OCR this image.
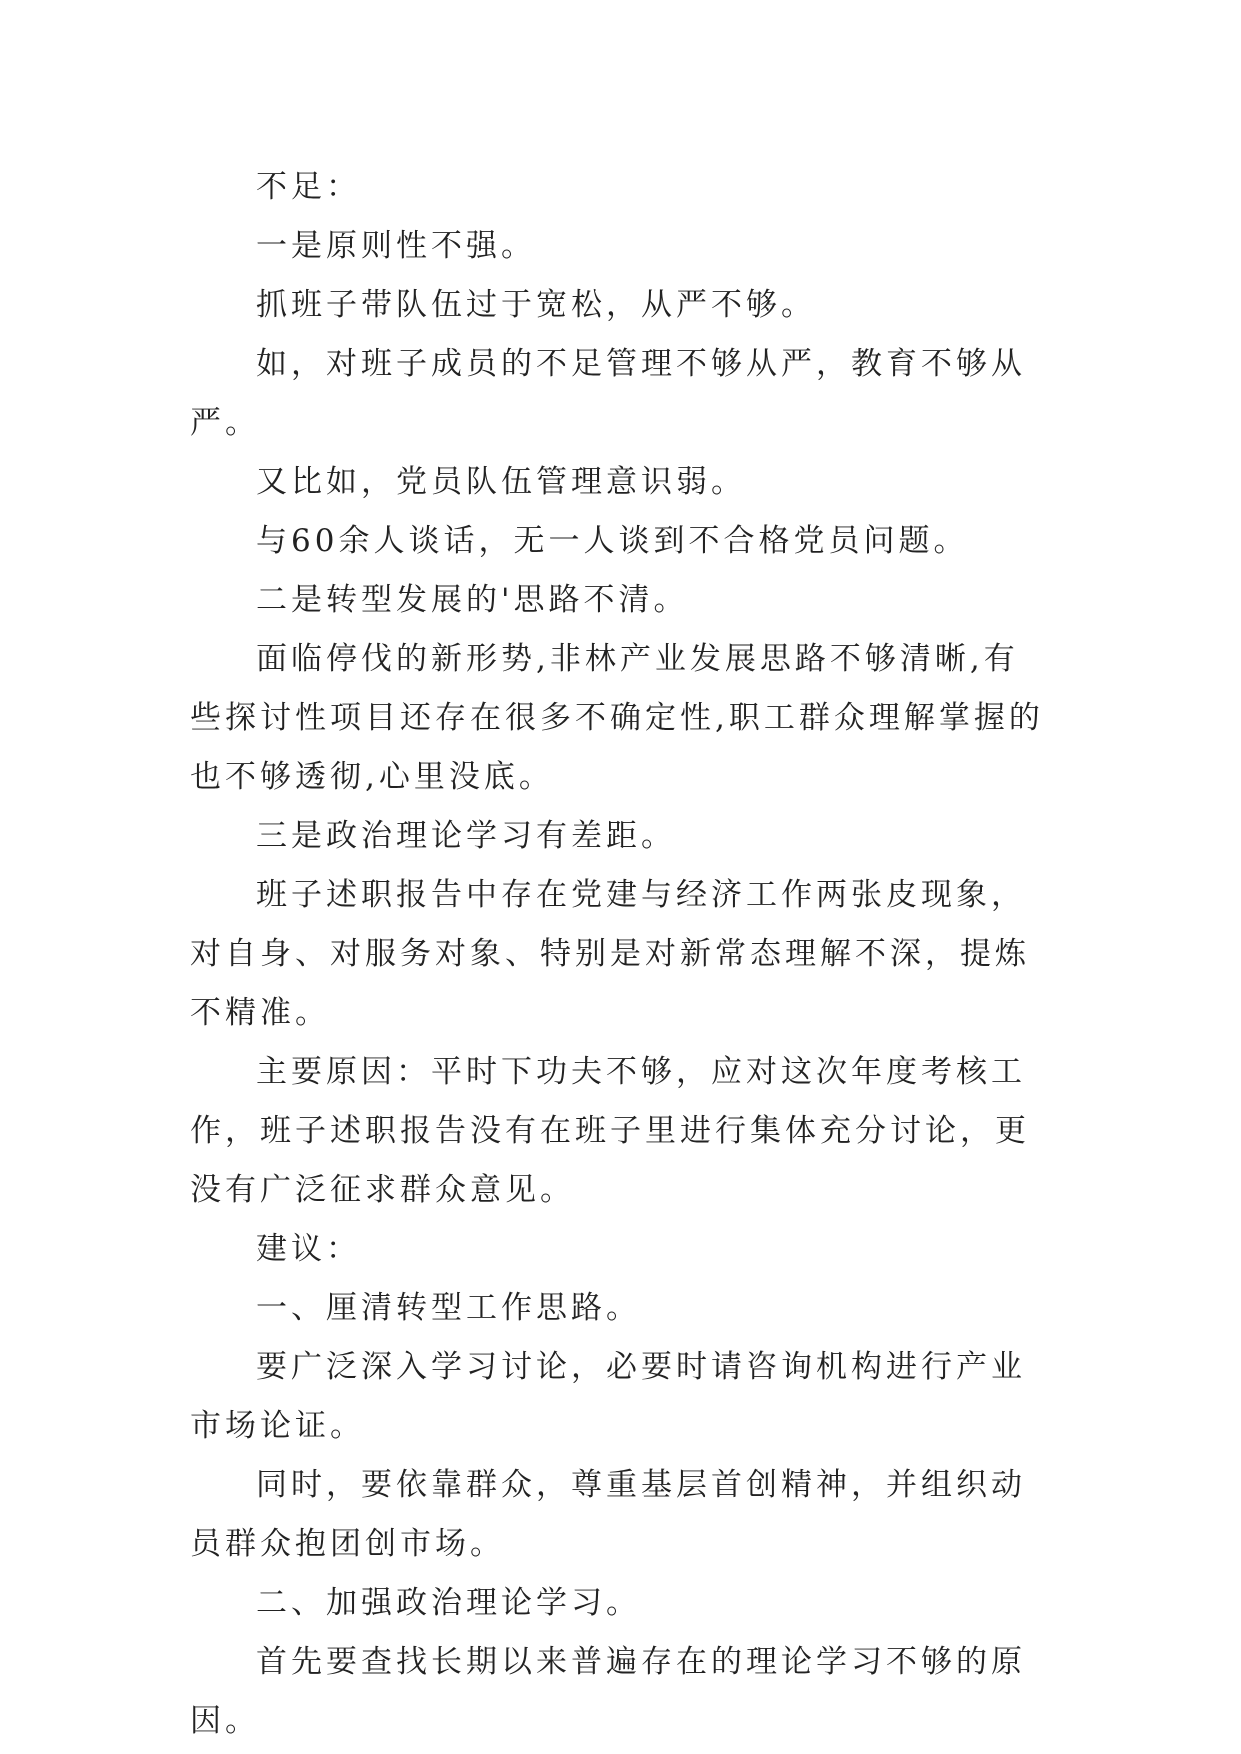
不足：

一是原则性不强。

抓班子带队伍过于宽松，从严不够。

如，对班子成员的不足管理不够从严，教育不够从严。

又比如，党员队伍管理意识弱。

与60余人谈话，无一人谈到不合格党员问题。

二是转型发展的'思路不清。

面临停伐的新形势,非林产业发展思路不够清晰,有些探讨性项目还存在很多不确定性,职工群众理解掌握的也不够透彻,心里没底。

三是政治理论学习有差距。

班子述职报告中存在党建与经济工作两张皮现象，对自身、对服务对象、特别是对新常态理解不深，提炼不精准。

主要原因：平时下功夫不够，应对这次年度考核工作，班子述职报告没有在班子里进行集体充分讨论，更没有广泛征求群众意见。

建议：

一、厘清转型工作思路。

要广泛深入学习讨论，必要时请咨询机构进行产业市场论证。

同时，要依靠群众，尊重基层首创精神，并组织动员群众抱团创市场。

二、加强政治理论学习。

首先要查找长期以来普遍存在的理论学习不够的原因。
